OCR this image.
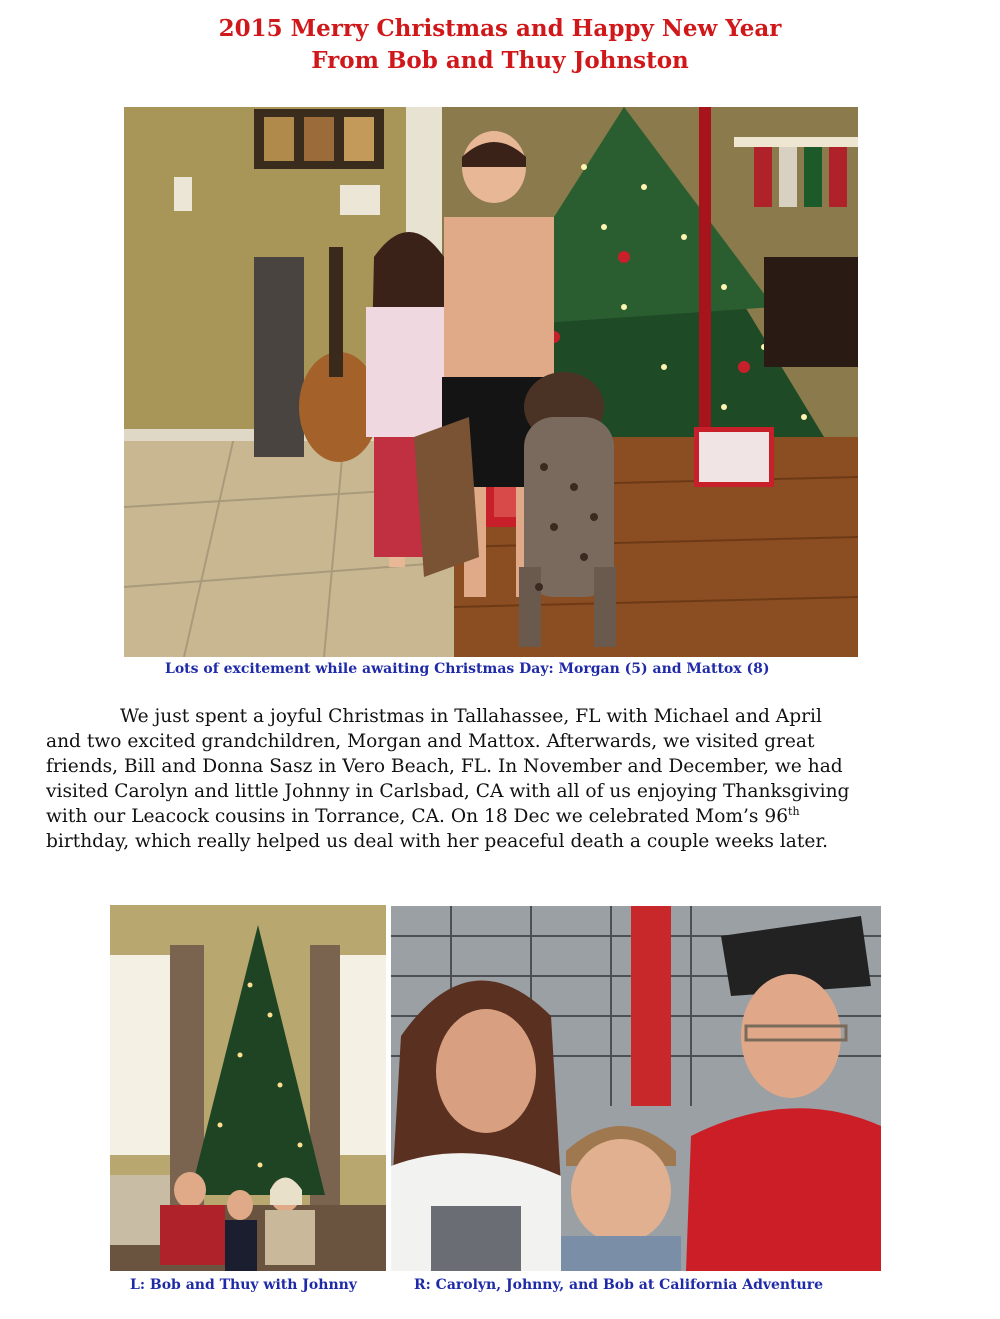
2015 Merry Christmas and Happy New Year
From Bob and Thuy Johnston
Lots of excitement while awaiting Christmas Day: Morgan (5) and Mattox (8)
We just spent a joyful Christmas in Tallahassee, FL with Michael and April
and two excited grandchildren, Morgan and Mattox. Afterwards, we visited great
friends, Bill and Donna Sasz in Vero Beach, FL. In November and December, we had
visited Carolyn and little Johnny in Carlsbad, CA with all of us enjoying Thanksgiving
with our Leacock cousins in Torrance, CA. On 18 Dec we celebrated Mom’s 96th
birthday, which really helped us deal with her peaceful death a couple weeks later.
L: Bob and Thuy with Johnny	R: Carolyn, Johnny, and Bob at California Adventure
